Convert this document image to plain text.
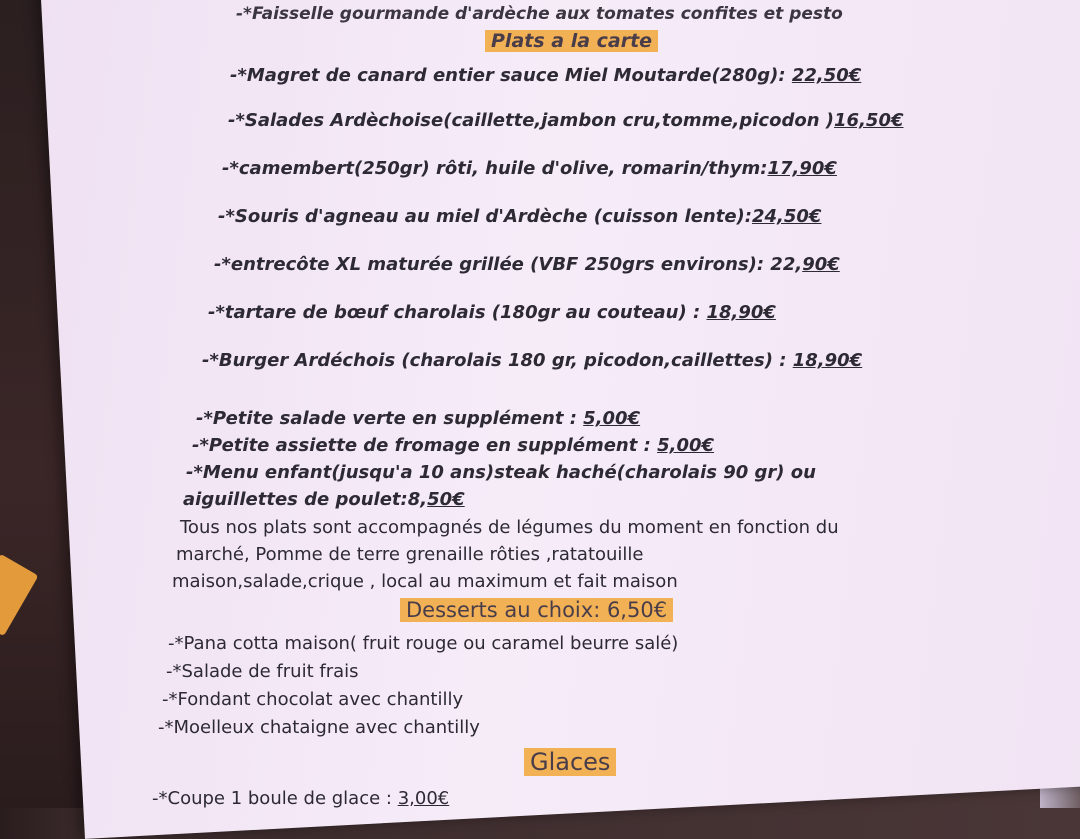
-*Faisselle gourmande d'ardèche aux tomates confites et pesto
Plats a la carte
-*Magret de canard entier sauce Miel Moutarde(280g): 22,50€
-*Salades Ardèchoise(caillette,jambon cru,tomme,picodon )16,50€
-*camembert(250gr) rôti, huile d'olive, romarin/thym:17,90€
-*Souris d'agneau au miel d'Ardèche (cuisson lente):24,50€
-*entrecôte XL maturée grillée (VBF 250grs environs): 22,90€
-*tartare de bœuf charolais (180gr au couteau) : 18,90€
-*Burger Ardéchois (charolais 180 gr, picodon,caillettes) : 18,90€
-*Petite salade verte en supplément : 5,00€
-*Petite assiette de fromage en supplément : 5,00€
-*Menu enfant(jusqu'a 10 ans)steak haché(charolais 90 gr) ou
aiguillettes de poulet:8,50€
Tous nos plats sont accompagnés de légumes du moment en fonction du
marché, Pomme de terre grenaille rôties ,ratatouille
maison,salade,crique , local au maximum et fait maison
Desserts au choix: 6,50€
-*Pana cotta maison( fruit rouge ou caramel beurre salé)
-*Salade de fruit frais
-*Fondant chocolat avec chantilly
-*Moelleux chataigne avec chantilly
Glaces
-*Coupe 1 boule de glace : 3,00€
